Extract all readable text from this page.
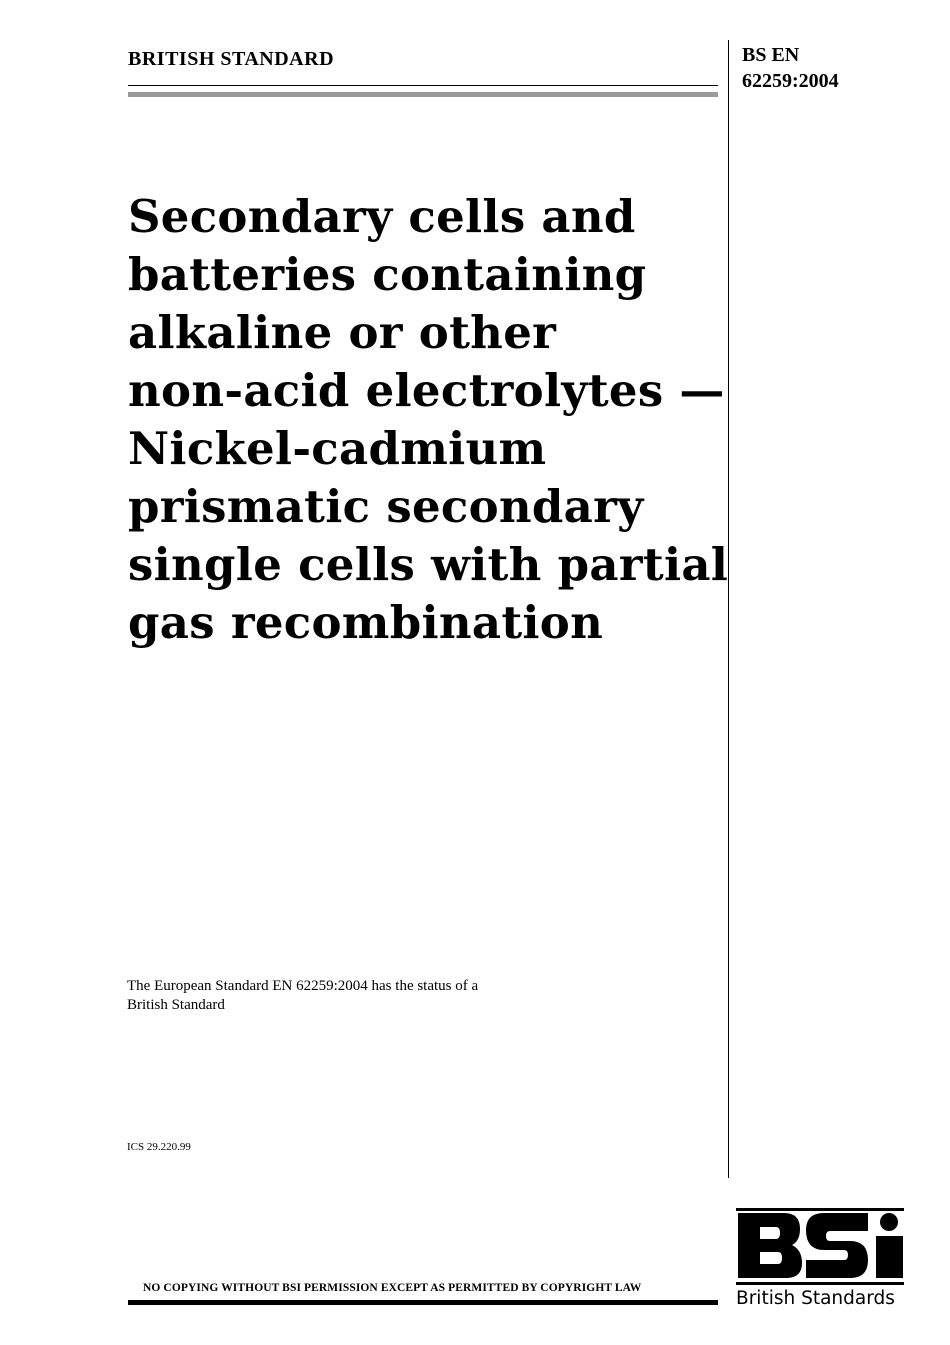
BRITISH STANDARD	BS EN
62259:2004
Secondary cells and
batteries containing
alkaline or other
non-acid electrolytes —
Nickel-cadmium
prismatic secondary
single cells with partial
gas recombination
The European Standard EN 62259:2004 has the status of a
British Standard
ICS 29.220.99
British Standards
NO COPYING WITHOUT BSI PERMISSION EXCEPT AS PERMITTED BY COPYRIGHT LAW
